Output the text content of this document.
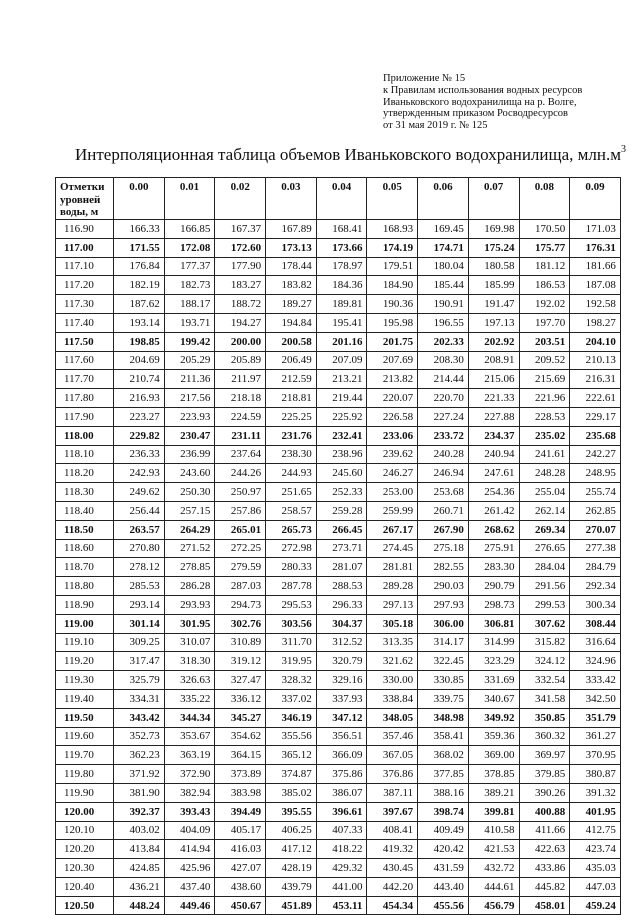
Приложение № 15
к Правилам использования водных ресурсов
Иваньковского водохранилища на р. Волге,
утвержденным приказом Росводресурсов
от 31 мая 2019 г. № 125
Интерполяционная таблица объемов Иваньковского водохранилища, $млн.м^3$
Отметки
уровней
воды, м	0.00	0.01	0.02	0.03	0.04	0.05	0.06	0.07	0.08	0.09
116.90	166.33	166.85	167.37	167.89	168.41	168.93	169.45	169.98	170.50	171.03
117.00	171.55	172.08	172.60	173.13	173.66	174.19	174.71	175.24	175.77	176.31
117.10	176.84	177.37	177.90	178.44	178.97	179.51	180.04	180.58	181.12	181.66
117.20	182.19	182.73	183.27	183.82	184.36	184.90	185.44	185.99	186.53	187.08
117.30	187.62	188.17	188.72	189.27	189.81	190.36	190.91	191.47	192.02	192.58
117.40	193.14	193.71	194.27	194.84	195.41	195.98	196.55	197.13	197.70	198.27
117.50	198.85	199.42	200.00	200.58	201.16	201.75	202.33	202.92	203.51	204.10
117.60	204.69	205.29	205.89	206.49	207.09	207.69	208.30	208.91	209.52	210.13
117.70	210.74	211.36	211.97	212.59	213.21	213.82	214.44	215.06	215.69	216.31
117.80	216.93	217.56	218.18	218.81	219.44	220.07	220.70	221.33	221.96	222.61
117.90	223.27	223.93	224.59	225.25	225.92	226.58	227.24	227.88	228.53	229.17
118.00	229.82	230.47	231.11	231.76	232.41	233.06	233.72	234.37	235.02	235.68
118.10	236.33	236.99	237.64	238.30	238.96	239.62	240.28	240.94	241.61	242.27
118.20	242.93	243.60	244.26	244.93	245.60	246.27	246.94	247.61	248.28	248.95
118.30	249.62	250.30	250.97	251.65	252.33	253.00	253.68	254.36	255.04	255.74
118.40	256.44	257.15	257.86	258.57	259.28	259.99	260.71	261.42	262.14	262.85
118.50	263.57	264.29	265.01	265.73	266.45	267.17	267.90	268.62	269.34	270.07
118.60	270.80	271.52	272.25	272.98	273.71	274.45	275.18	275.91	276.65	277.38
118.70	278.12	278.85	279.59	280.33	281.07	281.81	282.55	283.30	284.04	284.79
118.80	285.53	286.28	287.03	287.78	288.53	289.28	290.03	290.79	291.56	292.34
118.90	293.14	293.93	294.73	295.53	296.33	297.13	297.93	298.73	299.53	300.34
119.00	301.14	301.95	302.76	303.56	304.37	305.18	306.00	306.81	307.62	308.44
119.10	309.25	310.07	310.89	311.70	312.52	313.35	314.17	314.99	315.82	316.64
119.20	317.47	318.30	319.12	319.95	320.79	321.62	322.45	323.29	324.12	324.96
119.30	325.79	326.63	327.47	328.32	329.16	330.00	330.85	331.69	332.54	333.42
119.40	334.31	335.22	336.12	337.02	337.93	338.84	339.75	340.67	341.58	342.50
119.50	343.42	344.34	345.27	346.19	347.12	348.05	348.98	349.92	350.85	351.79
119.60	352.73	353.67	354.62	355.56	356.51	357.46	358.41	359.36	360.32	361.27
119.70	362.23	363.19	364.15	365.12	366.09	367.05	368.02	369.00	369.97	370.95
119.80	371.92	372.90	373.89	374.87	375.86	376.86	377.85	378.85	379.85	380.87
119.90	381.90	382.94	383.98	385.02	386.07	387.11	388.16	389.21	390.26	391.32
120.00	392.37	393.43	394.49	395.55	396.61	397.67	398.74	399.81	400.88	401.95
120.10	403.02	404.09	405.17	406.25	407.33	408.41	409.49	410.58	411.66	412.75
120.20	413.84	414.94	416.03	417.12	418.22	419.32	420.42	421.53	422.63	423.74
120.30	424.85	425.96	427.07	428.19	429.32	430.45	431.59	432.72	433.86	435.03
120.40	436.21	437.40	438.60	439.79	441.00	442.20	443.40	444.61	445.82	447.03
120.50	448.24	449.46	450.67	451.89	453.11	454.34	455.56	456.79	458.01	459.24
